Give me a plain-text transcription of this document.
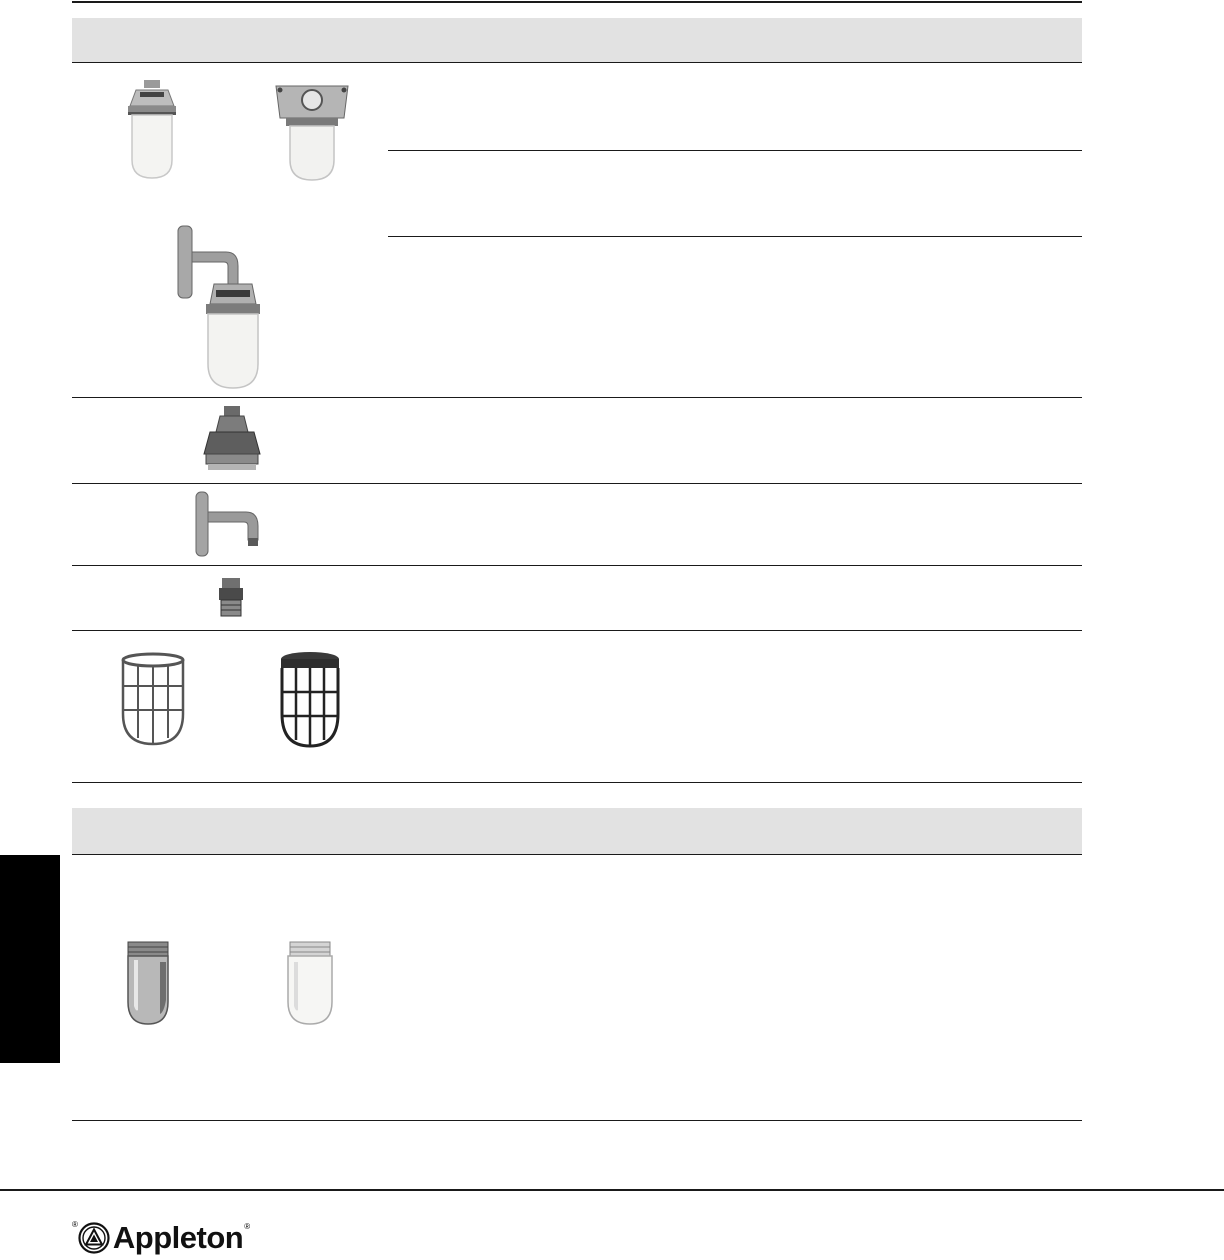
® Appleton ®
